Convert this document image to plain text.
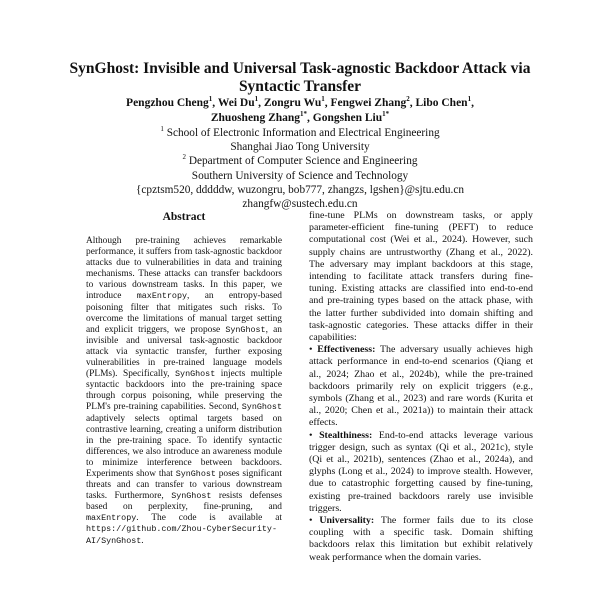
SynGhost: Invisible and Universal Task-agnostic Backdoor Attack via Syntactic Transfer
Pengzhou Cheng$^1$, Wei Du$^1$, Zongru Wu$^1$, Fengwei Zhang$^2$, Libo Chen$^1$,
Zhuosheng Zhang$^{1*}$, Gongshen Liu$^{1*}$
$^1$ School of Electronic Information and Electrical Engineering
Shanghai Jiao Tong University
$^2$ Department of Computer Science and Engineering
Southern University of Science and Technology
{cpztsm520, dddddw, wuzongru, bob777, zhangzs, lgshen}@sjtu.edu.cn
zhangfw@sustech.edu.cn
Abstract

Although pre-training achieves remarkable performance, it suffers from task-agnostic backdoor attacks due to vulnerabilities in data and training mechanisms. These attacks can transfer backdoors to various downstream tasks. In this paper, we introduce maxEntropy, an entropy-based poisoning filter that mitigates such risks. To overcome the limitations of manual target setting and explicit triggers, we propose SynGhost, an invisible and universal task-agnostic backdoor attack via syntactic transfer, further exposing vulnerabilities in pre-trained language models (PLMs). Specifically, SynGhost injects multiple syntactic backdoors into the pre-training space through corpus poisoning, while preserving the PLM's pre-training capabilities. Second, SynGhost adaptively selects optimal targets based on contrastive learning, creating a uniform distribution in the pre-training space. To identify syntactic differences, we also introduce an awareness module to minimize interference between backdoors. Experiments show that SynGhost poses significant threats and can transfer to various downstream tasks. Furthermore, SynGhost resists defenses based on perplexity, fine-pruning, and maxEntropy. The code is available at https://github.com/Zhou-CyberSecurity-AI/SynGhost.

fine-tune PLMs on downstream tasks, or apply parameter-efficient fine-tuning (PEFT) to reduce computational cost (Wei et al., 2024). However, such supply chains are untrustworthy (Zhang et al., 2022). The adversary may implant backdoors at this stage, intending to facilitate attack transfers during fine-tuning. Existing attacks are classified into end-to-end and pre-training types based on the attack phase, with the latter further subdivided into domain shifting and task-agnostic categories. These attacks differ in their capabilities:

• Effectiveness: The adversary usually achieves high attack performance in end-to-end scenarios (Qiang et al., 2024; Zhao et al., 2024b), while the pre-trained backdoors primarily rely on explicit triggers (e.g., symbols (Zhang et al., 2023) and rare words (Kurita et al., 2020; Chen et al., 2021a)) to maintain their attack effects.

• Stealthiness: End-to-end attacks leverage various trigger design, such as syntax (Qi et al., 2021c), style (Qi et al., 2021b), sentences (Zhao et al., 2024a), and glyphs (Long et al., 2024) to improve stealth. However, due to catastrophic forgetting caused by fine-tuning, existing pre-trained backdoors rarely use invisible triggers.

• Universality: The former fails due to its close coupling with a specific task. Domain shifting backdoors relax this limitation but exhibit relatively weak performance when the domain varies.
